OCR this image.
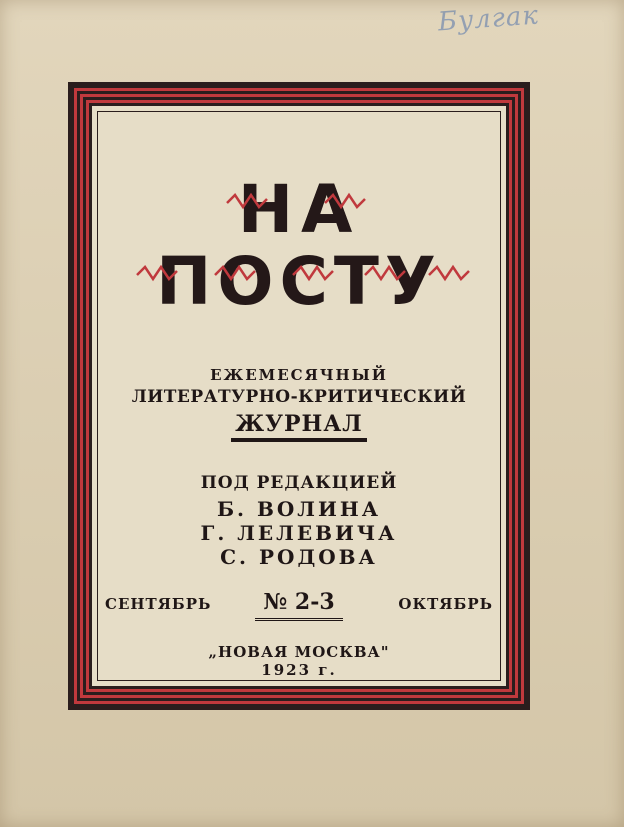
Булгак
НА
ПОСТУ
ЕЖЕМЕСЯЧНЫЙ
ЛИТЕРАТУРНО-КРИТИЧЕСКИЙ
ЖУРНАЛ
ПОД РЕДАКЦИЕЙ
Б. ВОЛИНА
Г. ЛЕЛЕВИЧА
С. РОДОВА
СЕНТЯБРЬ	№ 2-3	ОКТЯБРЬ
„НОВАЯ МОСКВА"
1923 г.
